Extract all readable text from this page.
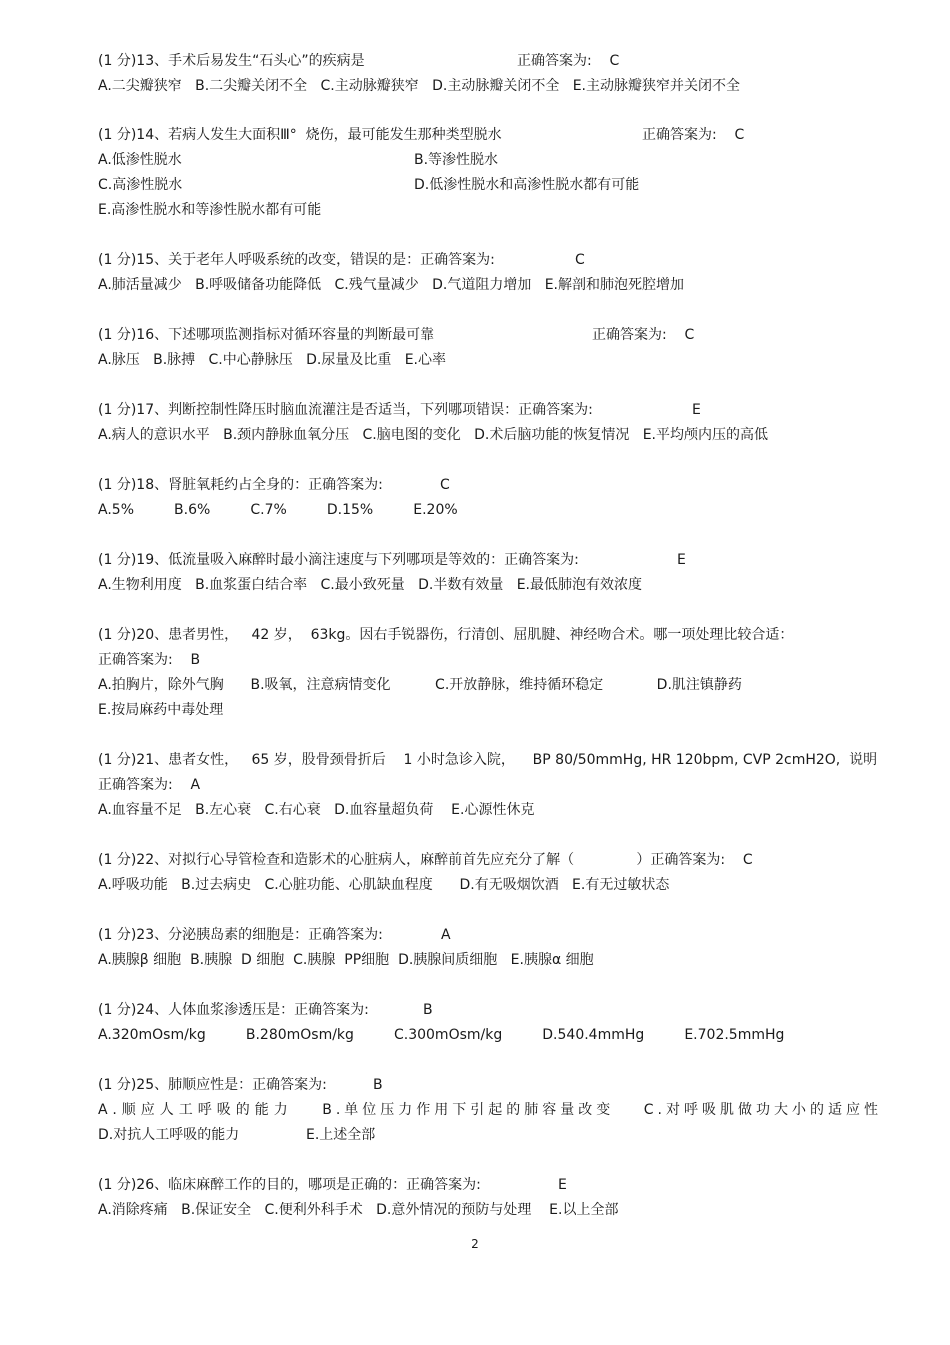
(1 分)13、手术后易发生“石头心”的疾病是	正确答案为:    C
A.二尖瓣狭窄   B.二尖瓣关闭不全   C.主动脉瓣狭窄   D.主动脉瓣关闭不全   E.主动脉瓣狭窄并关闭不全
(1 分)14、若病人发生大面积Ⅲ°  烧伤，最可能发生那种类型脱水	正确答案为:    C
A.低渗性脱水	B.等渗性脱水
C.高渗性脱水	D.低渗性脱水和高渗性脱水都有可能
E.高渗性脱水和等渗性脱水都有可能
(1 分)15、关于老年人呼吸系统的改变，错误的是：正确答案为:	C
A.肺活量减少   B.呼吸储备功能降低   C.残气量减少   D.气道阻力增加   E.解剖和肺泡死腔增加
(1 分)16、下述哪项监测指标对循环容量的判断最可靠	正确答案为:    C
A.脉压   B.脉搏   C.中心静脉压   D.尿量及比重   E.心率
(1 分)17、判断控制性降压时脑血流灌注是否适当，下列哪项错误：正确答案为:	E
A.病人的意识水平   B.颈内静脉血氧分压   C.脑电图的变化   D.术后脑功能的恢复情况   E.平均颅内压的高低
(1 分)18、肾脏氧耗约占全身的：正确答案为:	C
A.5%         B.6%         C.7%         D.15%         E.20%
(1 分)19、低流量吸入麻醉时最小滴注速度与下列哪项是等效的：正确答案为:	E
A.生物利用度   B.血浆蛋白结合率   C.最小致死量   D.半数有效量   E.最低肺泡有效浓度
(1 分)20、患者男性，   42 岁，  63kg。因右手锐器伤，行清创、屈肌腱、神经吻合术。哪一项处理比较合适：
正确答案为:    B
A.拍胸片，除外气胸      B.吸氧，注意病情变化          C.开放静脉，维持循环稳定            D.肌注镇静药
E.按局麻药中毒处理
(1 分)21、患者女性，   65 岁，股骨颈骨折后    1 小时急诊入院，    BP 80/50mmHg, HR 120bpm, CVP 2cmH2O,  说明
正确答案为:    A
A.血容量不足   B.左心衰   C.右心衰   D.血容量超负荷    E.心源性休克
(1 分)22、对拟行心导管检查和造影术的心脏病人，麻醉前首先应充分了解（              ）正确答案为:    C
A.呼吸功能   B.过去病史   C.心脏功能、心肌缺血程度      D.有无吸烟饮酒   E.有无过敏状态
(1 分)23、分泌胰岛素的细胞是：正确答案为:	A
A.胰腺β 细胞  B.胰腺  D 细胞  C.胰腺  PP细胞  D.胰腺间质细胞   E.胰腺α 细胞
(1 分)24、人体血浆渗透压是：正确答案为:	B
A.320mOsm/kg         B.280mOsm/kg         C.300mOsm/kg         D.540.4mmHg         E.702.5mmHg
(1 分)25、肺顺应性是：正确答案为:	B
A.顺应人工呼吸的能力 B.单位压力作用下引起的肺容量改变 C.对呼吸肌做功大小的适应性
D.对抗人工呼吸的能力               E.上述全部
(1 分)26、临床麻醉工作的目的，哪项是正确的：正确答案为:	E
A.消除疼痛   B.保证安全   C.便利外科手术   D.意外情况的预防与处理    E.以上全部
2
